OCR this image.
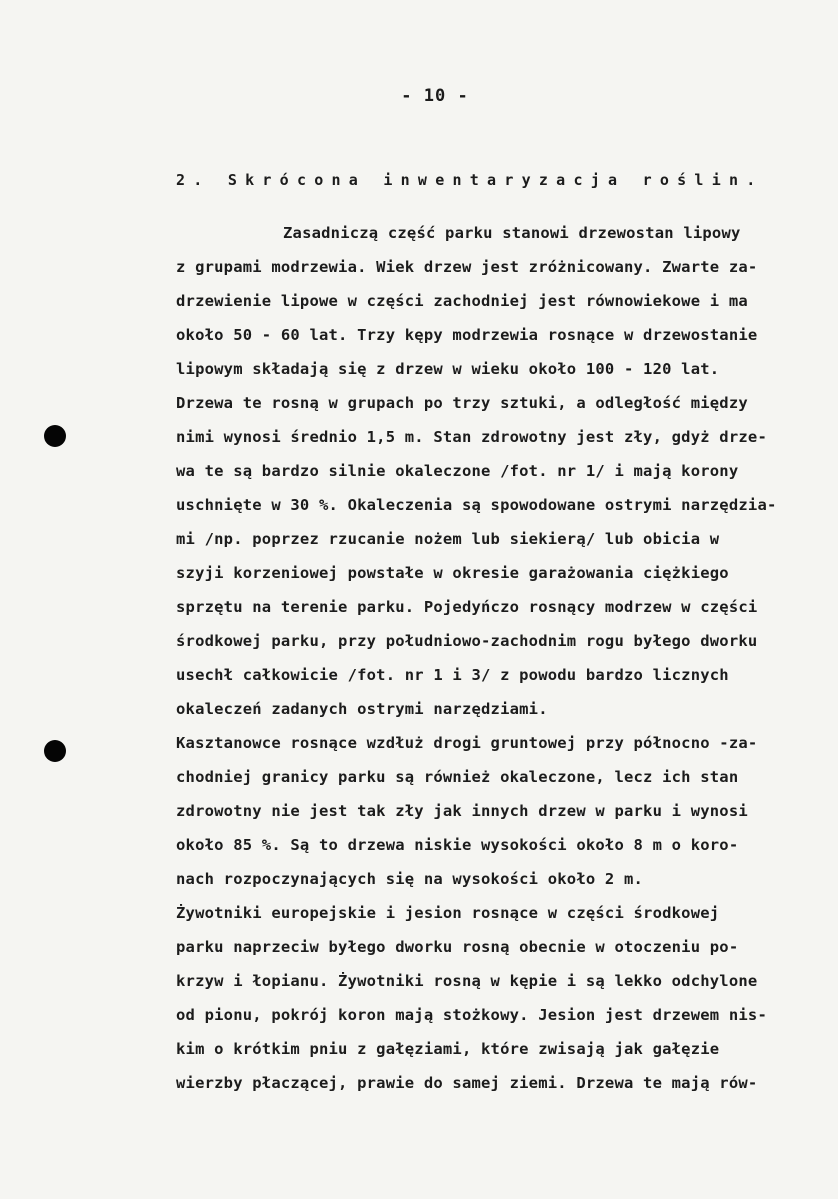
- 10 -
2. Skrócona inwentaryzacja roślin.
Zasadniczą część parku stanowi drzewostan lipowy
z grupami modrzewia. Wiek drzew jest zróżnicowany. Zwarte za-
drzewienie lipowe w części zachodniej jest równowiekowe i ma
około 50 - 60 lat. Trzy kępy modrzewia rosnące w drzewostanie
lipowym składają się z drzew w wieku około 100 - 120 lat.
Drzewa te rosną w grupach po trzy sztuki, a odległość między
nimi wynosi średnio 1,5 m. Stan zdrowotny jest zły, gdyż drze-
wa te są bardzo silnie okaleczone /fot. nr 1/ i mają korony
uschnięte w 30 %. Okaleczenia są spowodowane ostrymi narzędzia-
mi /np. poprzez rzucanie nożem lub siekierą/ lub obicia w
szyji korzeniowej powstałe w okresie garażowania ciężkiego
sprzętu na terenie parku. Pojedyńczo rosnący modrzew w części
środkowej parku, przy południowo-zachodnim rogu byłego dworku
usechł całkowicie /fot. nr 1 i 3/ z powodu bardzo licznych
okaleczeń zadanych ostrymi narzędziami.
Kasztanowce rosnące wzdłuż drogi gruntowej przy północno -za-
chodniej granicy parku są również okaleczone, lecz ich stan
zdrowotny nie jest tak zły jak innych drzew w parku i wynosi
około 85 %. Są to drzewa niskie wysokości około 8 m o koro-
nach rozpoczynających się na wysokości około 2 m.
Żywotniki europejskie i jesion rosnące w części środkowej
parku naprzeciw byłego dworku rosną obecnie w otoczeniu po-
krzyw i łopianu. Żywotniki rosną w kępie i są lekko odchylone
od pionu, pokrój koron mają stożkowy. Jesion jest drzewem nis-
kim o krótkim pniu z gałęziami, które zwisają jak gałęzie
wierzby płaczącej, prawie do samej ziemi. Drzewa te mają rów-
